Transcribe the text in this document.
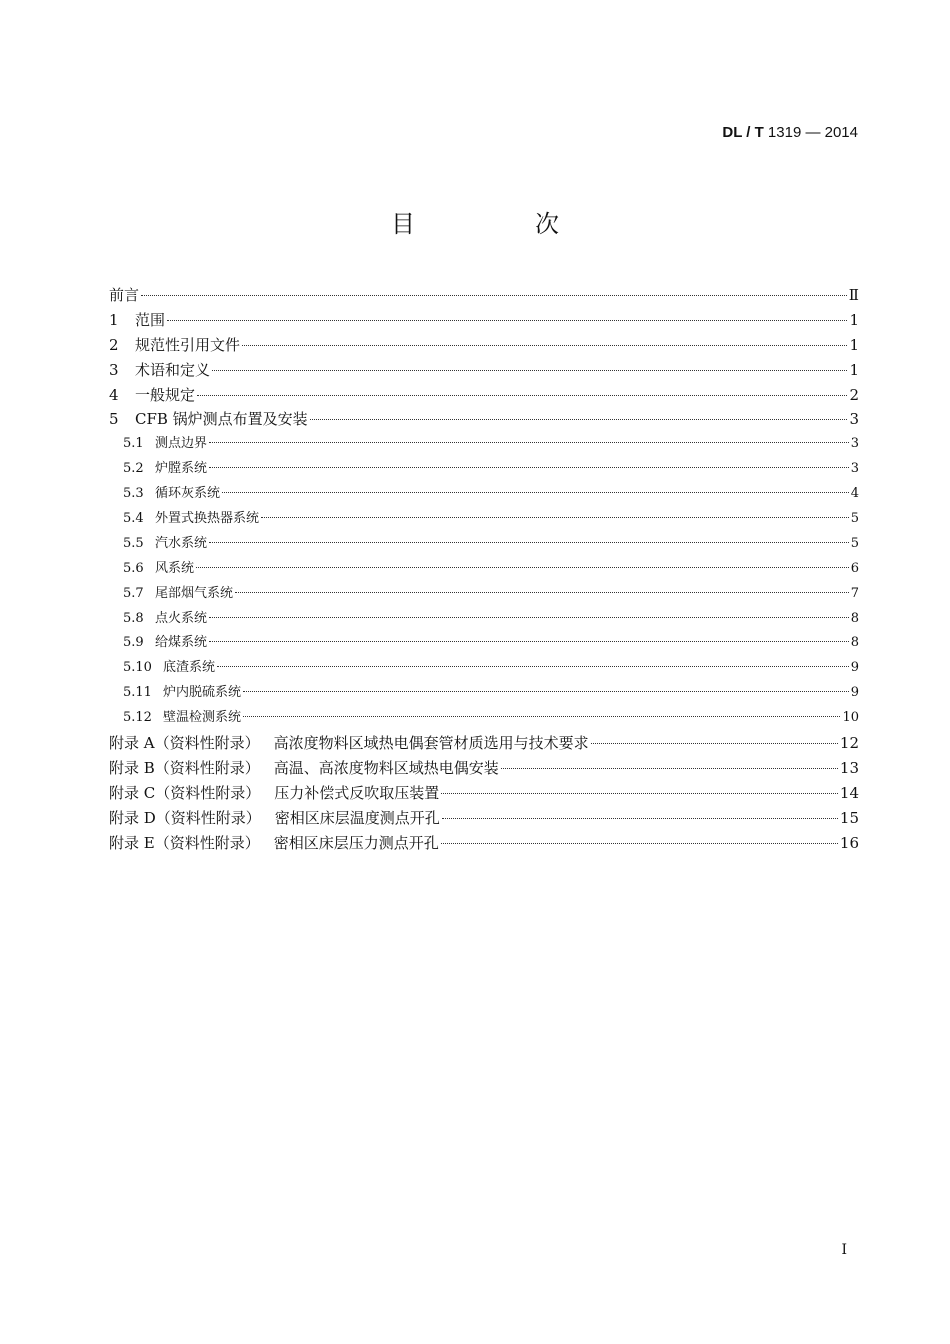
DL / T 1319 — 2014
目　次
前言	Ⅱ
1	范围	1
2	规范性引用文件	1
3	术语和定义	1
4	一般规定	2
5	CFB 锅炉测点布置及安装	3
5.1 测点边界	3
5.2 炉膛系统	3
5.3 循环灰系统	4
5.4 外置式换热器系统	5
5.5 汽水系统	5
5.6 风系统	6
5.7 尾部烟气系统	7
5.8 点火系统	8
5.9 给煤系统	8
5.10 底渣系统	9
5.11 炉内脱硫系统	9
5.12 壁温检测系统	10
附录 A（资料性附录） 高浓度物料区域热电偶套管材质选用与技术要求	12
附录 B（资料性附录） 高温、高浓度物料区域热电偶安装	13
附录 C（资料性附录） 压力补偿式反吹取压装置	14
附录 D（资料性附录） 密相区床层温度测点开孔	15
附录 E（资料性附录） 密相区床层压力测点开孔	16
I
